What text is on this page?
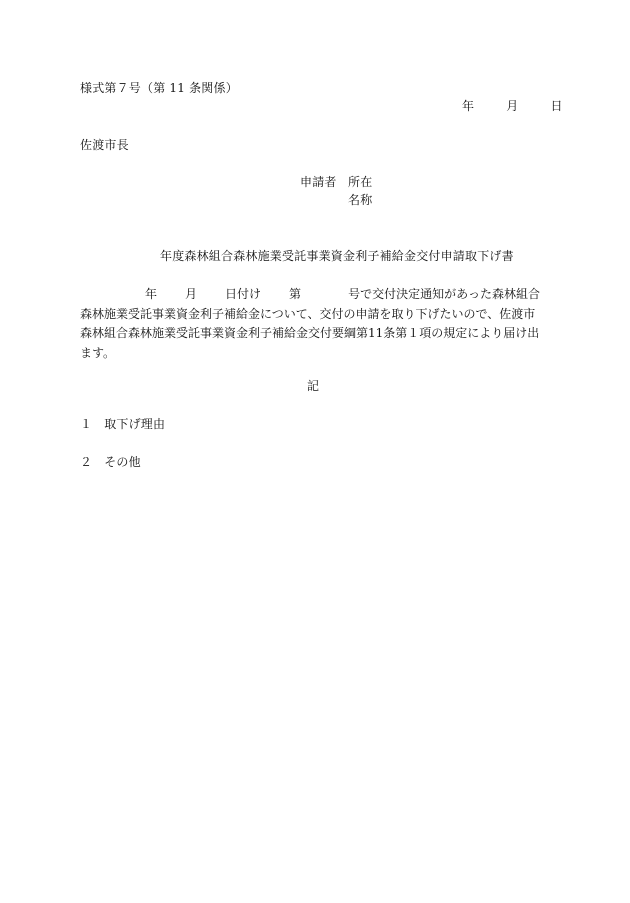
様式第７号（第 11 条関係）
年	月	日
佐渡市長
申請者 所在
名称
年度森林組合森林施業受託事業資金利子補給金交付申請取下げ書
年 月 日付け 第	号で交付決定通知があった森林組合
森林施業受託事業資金利子補給金について、交付の申請を取り下げたいので、佐渡市
森林組合森林施業受託事業資金利子補給金交付要綱第11条第１項の規定により届け出
ます。
記
１ 取下げ理由
２ その他
